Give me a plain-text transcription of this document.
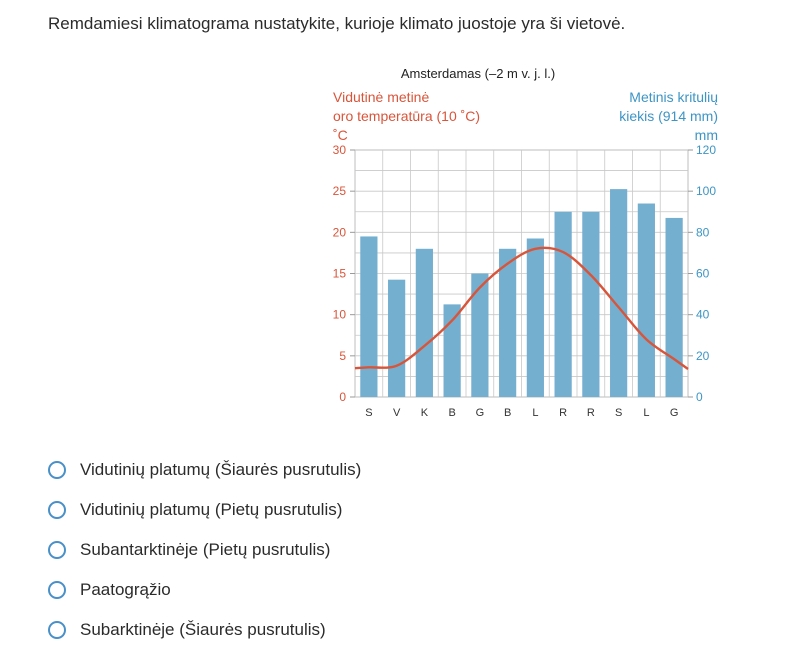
Remdamiesi klimatograma nustatykite, kurioje klimato juostoje yra ši vietovė.
Amsterdamas (–2 m v. j. l.)
Vidutinė metinė
oro temperatūra (10 ˚C)
˚C
Metinis kritulių
kiekis (914 mm)
mm
0
5
10
15
20
25
30
0
20
40
60
80
100
120
S V K B G B L R R S L G
Vidutinių platumų (Šiaurės pusrutulis)
Vidutinių platumų (Pietų pusrutulis)
Subantarktinėje (Pietų pusrutulis)
Paatogrąžio
Subarktinėje (Šiaurės pusrutulis)
